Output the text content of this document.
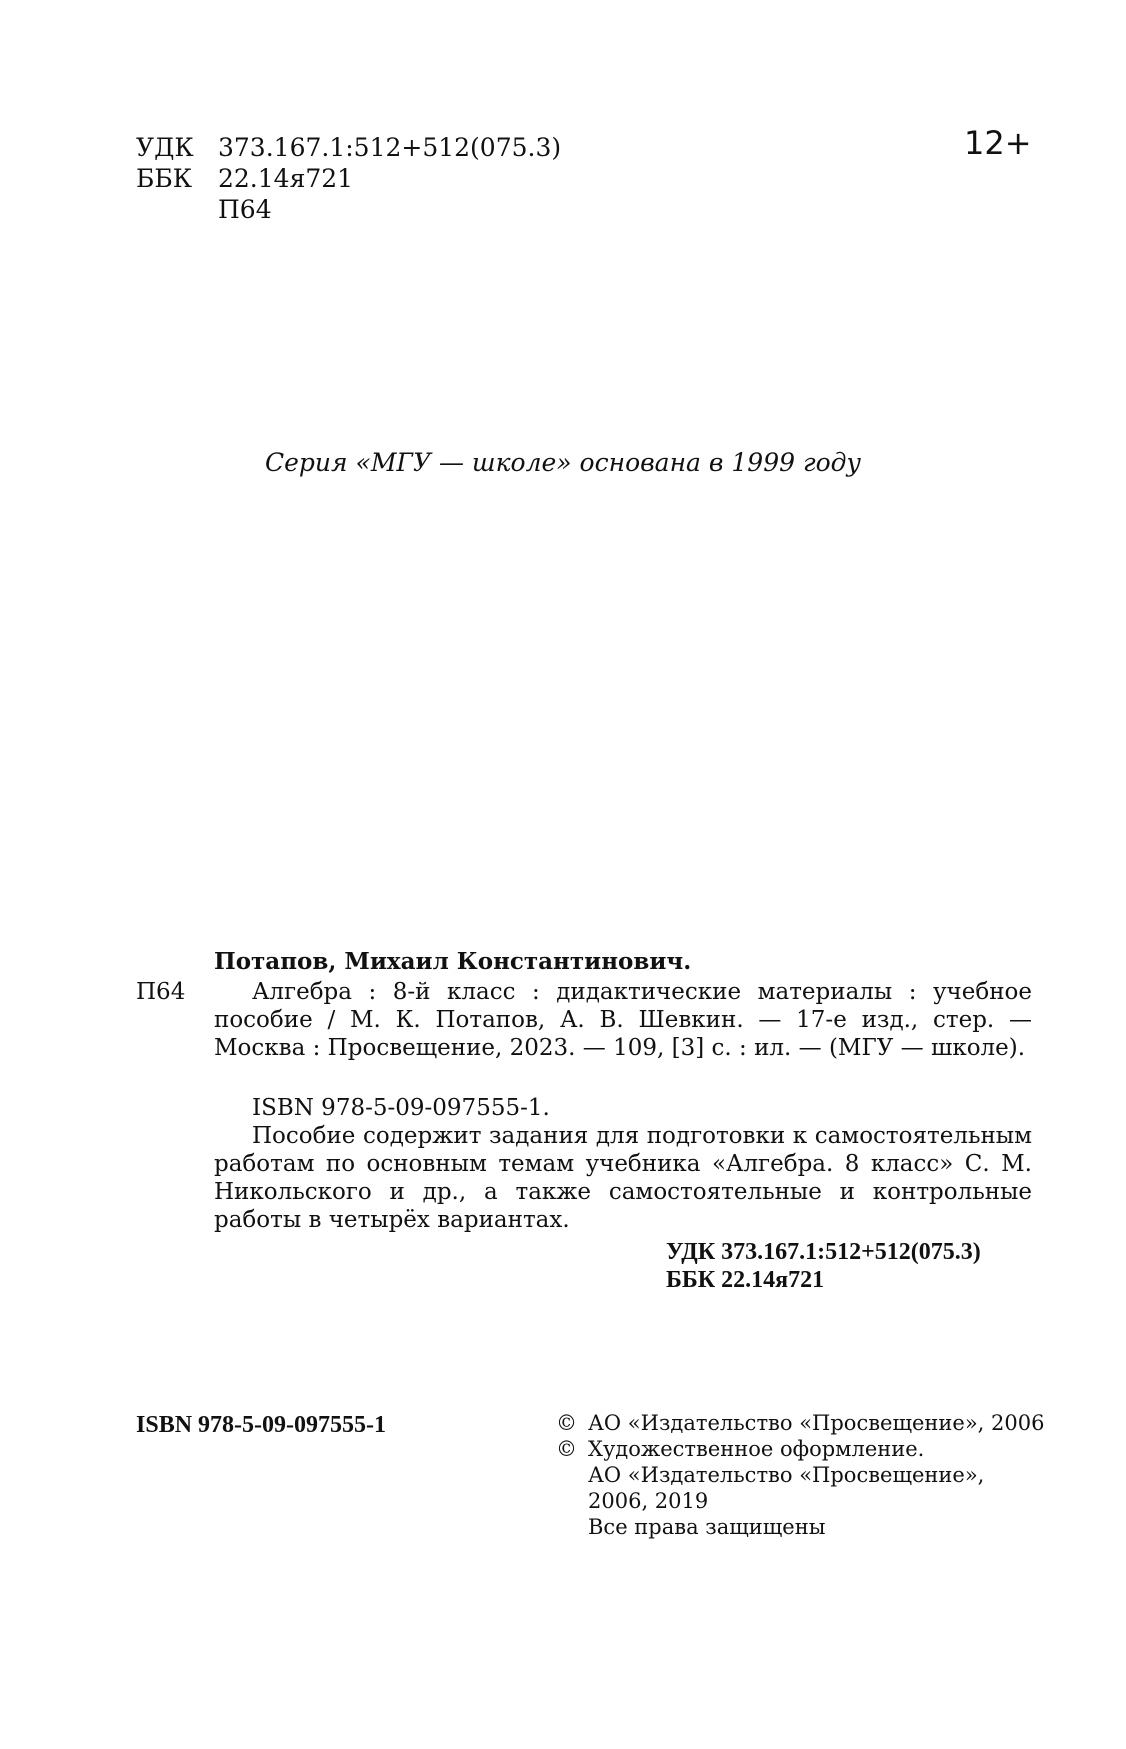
УДК 373.167.1:512+512(075.3)
ББК 22.14я721
П64
12+
Серия «МГУ — школе» основана в 1999 году
Потапов, Михаил Константинович.
П64	Алгебра : 8-й класс : дидактические материалы : учебное пособие / М. К. Потапов, А. В. Шевкин. — 17-е изд., стер. — Москва : Просвещение, 2023. — 109, [3] с. : ил. — (МГУ — школе).
ISBN 978-5-09-097555-1.
Пособие содержит задания для подготовки к самостоятельным работам по основным темам учебника «Алгебра. 8 класс» С. М. Никольского и др., а также самостоятельные и контрольные работы в четырёх вариантах.
УДК 373.167.1:512+512(075.3)
ББК 22.14я721
ISBN 978-5-09-097555-1	© АО «Издательство «Просвещение», 2006
© Художественное оформление.
АО «Издательство «Просвещение», 2006, 2019
Все права защищены
